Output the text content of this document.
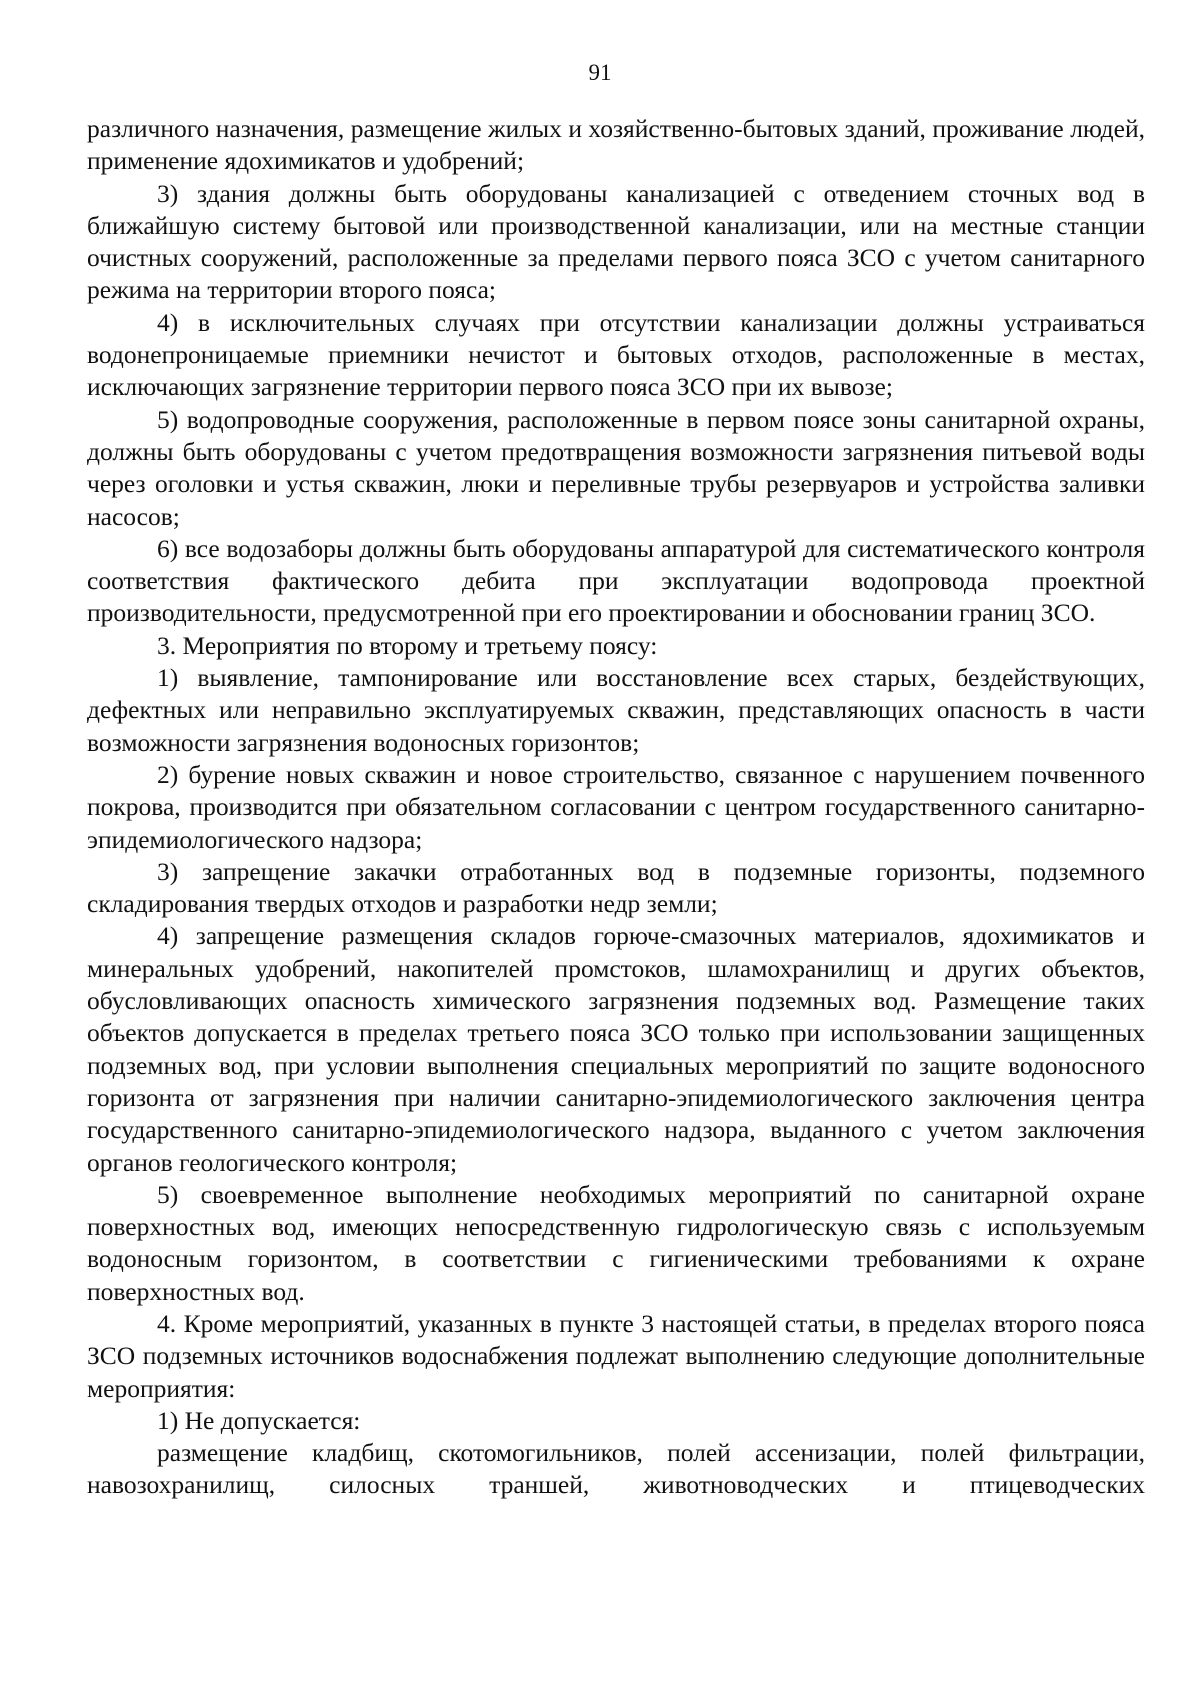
91

различного назначения, размещение жилых и хозяйственно-бытовых зданий, проживание людей, применение ядохимикатов и удобрений;

3) здания должны быть оборудованы канализацией с отведением сточных вод в ближайшую систему бытовой или производственной канализации, или на местные станции очистных сооружений, расположенные за пределами первого пояса ЗСО с учетом санитарного режима на территории второго пояса;

4) в исключительных случаях при отсутствии канализации должны устраиваться водонепроницаемые приемники нечистот и бытовых отходов, расположенные в местах, исключающих загрязнение территории первого пояса ЗСО при их вывозе;

5) водопроводные сооружения, расположенные в первом поясе зоны санитарной охраны, должны быть оборудованы с учетом предотвращения возможности загрязнения питьевой воды через оголовки и устья скважин, люки и переливные трубы резервуаров и устройства заливки насосов;

6) все водозаборы должны быть оборудованы аппаратурой для систематического контроля соответствия фактического дебита при эксплуатации водопровода проектной производительности, предусмотренной при его проектировании и обосновании границ ЗСО.

3. Мероприятия по второму и третьему поясу:

1) выявление, тампонирование или восстановление всех старых, бездействующих, дефектных или неправильно эксплуатируемых скважин, представляющих опасность в части возможности загрязнения водоносных горизонтов;

2) бурение новых скважин и новое строительство, связанное с нарушением почвенного покрова, производится при обязательном согласовании с центром государственного санитарно-эпидемиологического надзора;

3) запрещение закачки отработанных вод в подземные горизонты, подземного складирования твердых отходов и разработки недр земли;

4) запрещение размещения складов горюче-смазочных материалов, ядохимикатов и минеральных удобрений, накопителей промстоков, шламохранилищ и других объектов, обусловливающих опасность химического загрязнения подземных вод. Размещение таких объектов допускается в пределах третьего пояса ЗСО только при использовании защищенных подземных вод, при условии выполнения специальных мероприятий по защите водоносного горизонта от загрязнения при наличии санитарно-эпидемиологического заключения центра государственного санитарно-эпидемиологического надзора, выданного с учетом заключения органов геологического контроля;

5) своевременное выполнение необходимых мероприятий по санитарной охране поверхностных вод, имеющих непосредственную гидрологическую связь с используемым водоносным горизонтом, в соответствии с гигиеническими требованиями к охране поверхностных вод.

4. Кроме мероприятий, указанных в пункте 3 настоящей статьи, в пределах второго пояса ЗСО подземных источников водоснабжения подлежат выполнению следующие дополнительные мероприятия:

1) Не допускается:

размещение кладбищ, скотомогильников, полей ассенизации, полей фильтрации, навозохранилищ, силосных траншей, животноводческих и птицеводческих
